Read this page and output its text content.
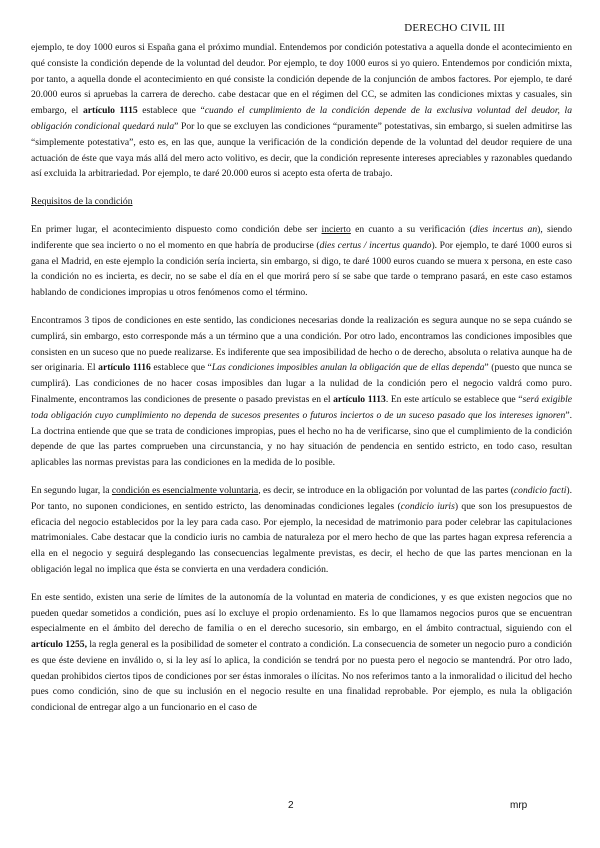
DERECHO CIVIL III

ejemplo, te doy 1000 euros si España gana el próximo mundial. Entendemos por condición potestativa a aquella donde el acontecimiento en qué consiste la condición depende de la voluntad del deudor. Por ejemplo, te doy 1000 euros si yo quiero. Entendemos por condición mixta, por tanto, a aquella donde el acontecimiento en qué consiste la condición depende de la conjunción de ambos factores. Por ejemplo, te daré 20.000 euros si apruebas la carrera de derecho. cabe destacar que en el régimen del CC, se admiten las condiciones mixtas y casuales, sin embargo, el artículo 1115 establece que “cuando el cumplimiento de la condición depende de la exclusiva voluntad del deudor, la obligación condicional quedará nula” Por lo que se excluyen las condiciones “puramente” potestativas, sin embargo, si suelen admitirse las “simplemente potestativa”, esto es, en las que, aunque la verificación de la condición depende de la voluntad del deudor requiere de una actuación de éste que vaya más allá del mero acto volitivo, es decir, que la condición represente intereses apreciables y razonables quedando así excluida la arbitrariedad. Por ejemplo, te daré 20.000 euros si acepto esta oferta de trabajo.

Requisitos de la condición

En primer lugar, el acontecimiento dispuesto como condición debe ser incierto en cuanto a su verificación (dies incertus an), siendo indiferente que sea incierto o no el momento en que habría de producirse (dies certus / incertus quando). Por ejemplo, te daré 1000 euros si gana el Madrid, en este ejemplo la condición sería incierta, sin embargo, si digo, te daré 1000 euros cuando se muera x persona, en este caso la condición no es incierta, es decir, no se sabe el día en el que morirá pero sí se sabe que tarde o temprano pasará, en este caso estamos hablando de condiciones impropias u otros fenómenos como el término.

Encontramos 3 tipos de condiciones en este sentido, las condiciones necesarias donde la realización es segura aunque no se sepa cuándo se cumplirá, sin embargo, esto corresponde más a un término que a una condición. Por otro lado, encontramos las condiciones imposibles que consisten en un suceso que no puede realizarse. Es indiferente que sea imposibilidad de hecho o de derecho, absoluta o relativa aunque ha de ser originaria. El artículo 1116 establece que “Las condiciones imposibles anulan la obligación que de ellas dependa” (puesto que nunca se cumplirá). Las condiciones de no hacer cosas imposibles dan lugar a la nulidad de la condición pero el negocio valdrá como puro. Finalmente, encontramos las condiciones de presente o pasado previstas en el artículo 1113. En este artículo se establece que “será exigible toda obligación cuyo cumplimiento no dependa de sucesos presentes o futuros inciertos o de un suceso pasado que los intereses ignoren”. La doctrina entiende que que se trata de condiciones impropias, pues el hecho no ha de verificarse, sino que el cumplimiento de la condición depende de que las partes comprueben una circunstancia, y no hay situación de pendencia en sentido estricto, en todo caso, resultan aplicables las normas previstas para las condiciones en la medida de lo posible.

En segundo lugar, la condición es esencialmente voluntaria, es decir, se introduce en la obligación por voluntad de las partes (condicio facti). Por tanto, no suponen condiciones, en sentido estricto, las denominadas condiciones legales (condicio iuris) que son los presupuestos de eficacia del negocio establecidos por la ley para cada caso. Por ejemplo, la necesidad de matrimonio para poder celebrar las capitulaciones matrimoniales. Cabe destacar que la condicio iuris no cambia de naturaleza por el mero hecho de que las partes hagan expresa referencia a ella en el negocio y seguirá desplegando las consecuencias legalmente previstas, es decir, el hecho de que las partes mencionan en la obligación legal no implica que ésta se convierta en una verdadera condición.

En este sentido, existen una serie de límites de la autonomía de la voluntad en materia de condiciones, y es que existen negocios que no pueden quedar sometidos a condición, pues así lo excluye el propio ordenamiento. Es lo que llamamos negocios puros que se encuentran especialmente en el ámbito del derecho de familia o en el derecho sucesorio, sin embargo, en el ámbito contractual, siguiendo con el artículo 1255, la regla general es la posibilidad de someter el contrato a condición. La consecuencia de someter un negocio puro a condición es que éste deviene en inválido o, si la ley así lo aplica, la condición se tendrá por no puesta pero el negocio se mantendrá. Por otro lado, quedan prohibidos ciertos tipos de condiciones por ser éstas inmorales o ilícitas. No nos referimos tanto a la inmoralidad o ilicitud del hecho pues como condición, sino de que su inclusión en el negocio resulte en una finalidad reprobable. Por ejemplo, es nula la obligación condicional de entregar algo a un funcionario en el caso de

2	mrp
